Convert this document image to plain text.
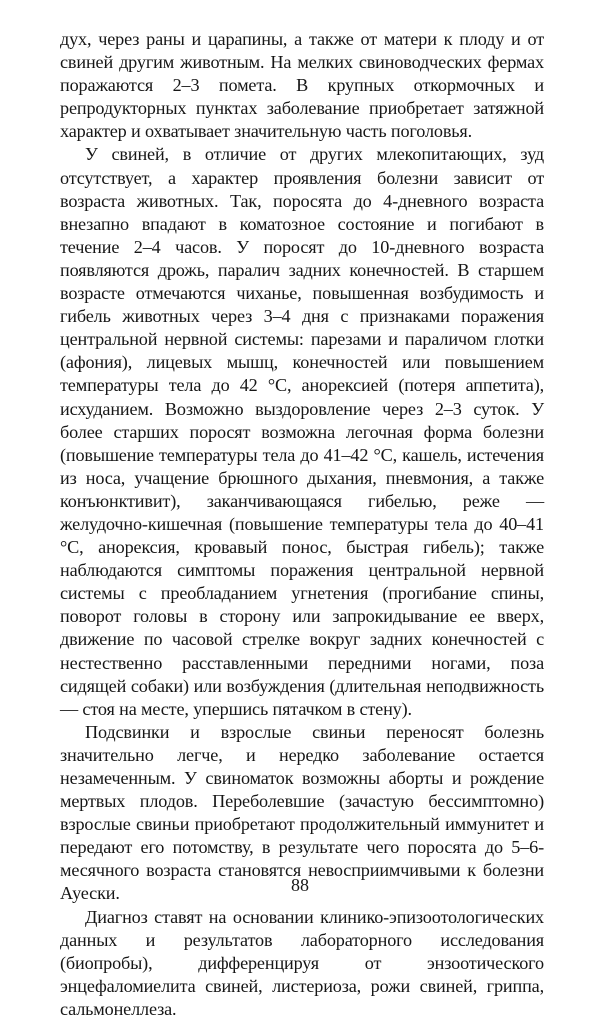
дух, через раны и царапины, а также от матери к плоду и от свиней другим животным. На мелких свиноводческих фермах поражаются 2–3 помета. В крупных откормочных и репродукторных пунктах заболевание приобретает затяжной характер и охватывает значительную часть поголовья.

У свиней, в отличие от других млекопитающих, зуд отсутствует, а характер проявления болезни зависит от возраста животных. Так, поросята до 4-дневного возраста внезапно впадают в коматозное состояние и погибают в течение 2–4 часов. У поросят до 10-дневного возраста появляются дрожь, паралич задних конечностей. В старшем возрасте отмечаются чиханье, повышенная возбудимость и гибель животных через 3–4 дня с признаками поражения центральной нервной системы: парезами и параличом глотки (афония), лицевых мышц, конечностей или повышением температуры тела до 42 °С, анорексией (потеря аппетита), исхуданием. Возможно выздоровление через 2–3 суток. У более старших поросят возможна легочная форма болезни (повышение температуры тела до 41–42 °С, кашель, истечения из носа, учащение брюшного дыхания, пневмония, а также конъюнктивит), заканчивающаяся гибелью, реже — желудочно-кишечная (повышение температуры тела до 40–41 °С, анорексия, кровавый понос, быстрая гибель); также наблюдаются симптомы поражения центральной нервной системы с преобладанием угнетения (прогибание спины, поворот головы в сторону или запрокидывание ее вверх, движение по часовой стрелке вокруг задних конечностей с нестественно расставленными передними ногами, поза сидящей собаки) или возбуждения (длительная неподвижность — стоя на месте, упершись пятачком в стену).

Подсвинки и взрослые свиньи переносят болезнь значительно легче, и нередко заболевание остается незамеченным. У свиноматок возможны аборты и рождение мертвых плодов. Переболевшие (зачастую бессимптомно) взрослые свиньи приобретают продолжительный иммунитет и передают его потомству, в результате чего поросята до 5–6-месячного возраста становятся невосприимчивыми к болезни Ауески.

Диагноз ставят на основании клинико-эпизоотологических данных и результатов лабораторного исследования (биопробы), дифференцируя от энзоотического энцефаломиелита свиней, листериоза, рожи свиней, гриппа, сальмонеллеза.

88
